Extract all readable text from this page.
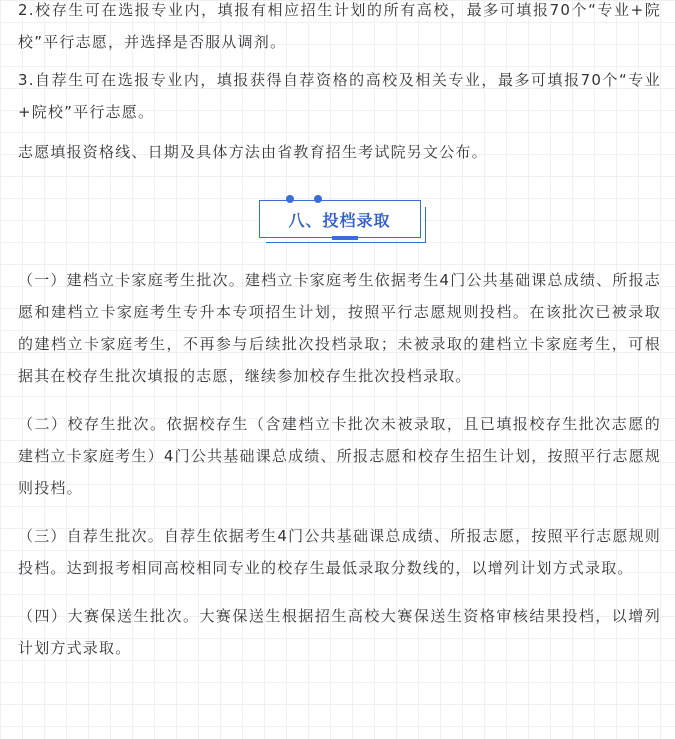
2.校存生可在选报专业内，填报有相应招生计划的所有高校，最多可填报70个“专业+院校”平行志愿，并选择是否服从调剂。

3.自荐生可在选报专业内，填报获得自荐资格的高校及相关专业，最多可填报70个“专业+院校”平行志愿。

志愿填报资格线、日期及具体方法由省教育招生考试院另文公布。

八、投档录取

（一）建档立卡家庭考生批次。建档立卡家庭考生依据考生4门公共基础课总成绩、所报志愿和建档立卡家庭考生专升本专项招生计划，按照平行志愿规则投档。在该批次已被录取的建档立卡家庭考生，不再参与后续批次投档录取；未被录取的建档立卡家庭考生，可根据其在校存生批次填报的志愿，继续参加校存生批次投档录取。

（二）校存生批次。依据校存生（含建档立卡批次未被录取，且已填报校存生批次志愿的建档立卡家庭考生）4门公共基础课总成绩、所报志愿和校存生招生计划，按照平行志愿规则投档。

（三）自荐生批次。自荐生依据考生4门公共基础课总成绩、所报志愿，按照平行志愿规则投档。达到报考相同高校相同专业的校存生最低录取分数线的，以增列计划方式录取。

（四）大赛保送生批次。大赛保送生根据招生高校大赛保送生资格审核结果投档，以增列计划方式录取。
